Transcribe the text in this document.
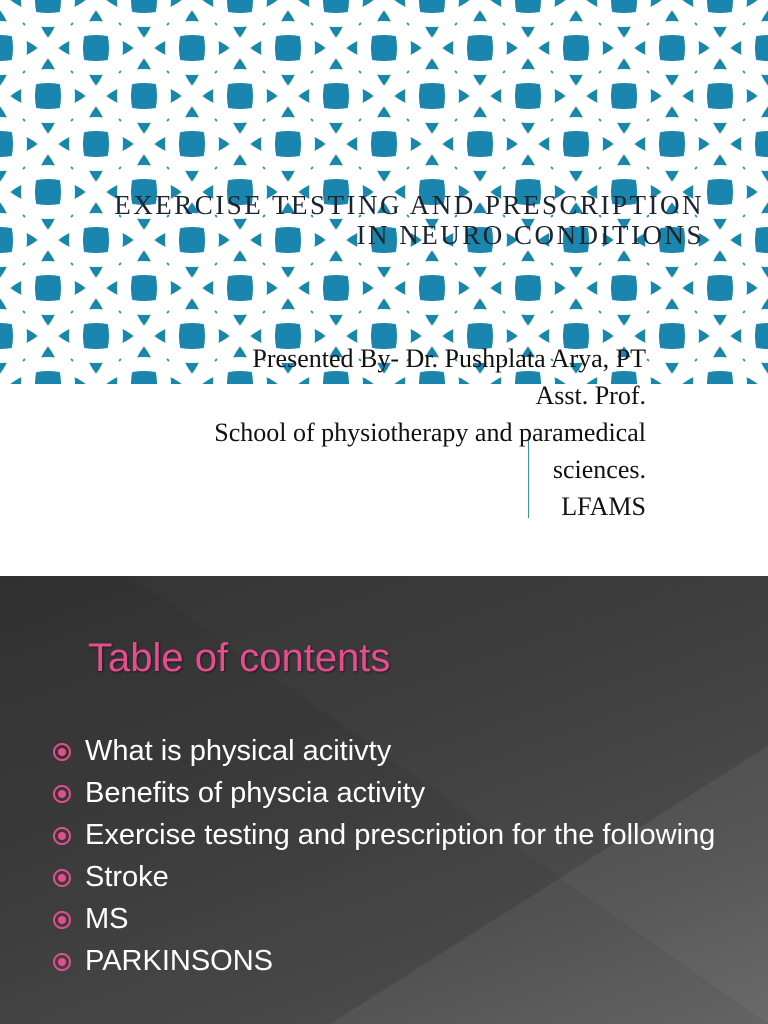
EXERCISE TESTING AND PRESCRIPTION
IN NEURO CONDITIONS
Presented By- Dr. Pushplata Arya, PT
Asst. Prof.
School of physiotherapy and paramedical
sciences.
LFAMS
Table of contents
What is physical acitivty
Benefits of physcia activity
Exercise testing and prescription for the following
Stroke
MS
PARKINSONS
